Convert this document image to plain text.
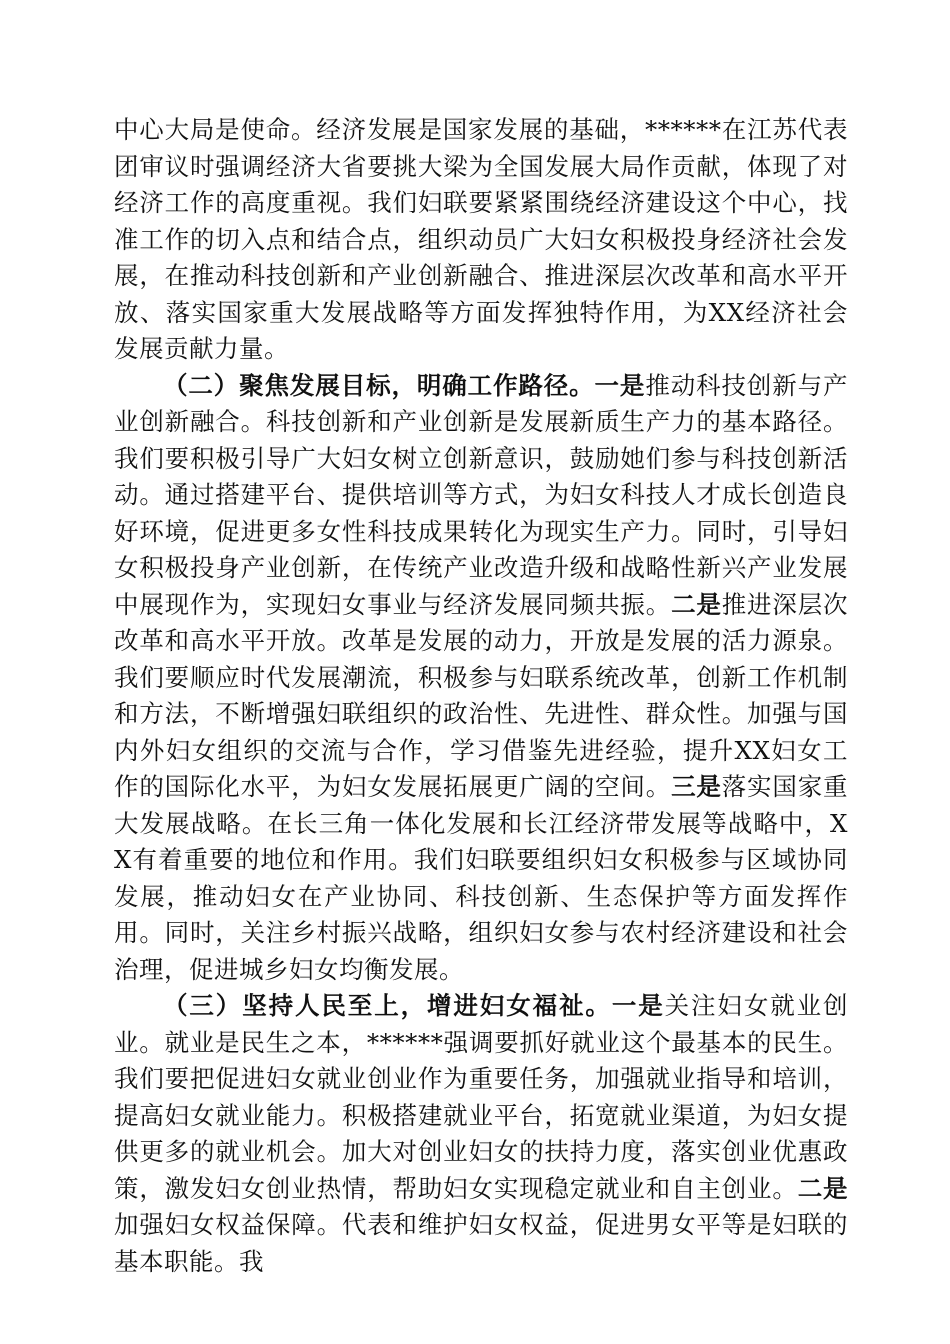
中心大局是使命。经济发展是国家发展的基础，******在江苏代表团审议时强调经济大省要挑大梁为全国发展大局作贡献，体现了对经济工作的高度重视。我们妇联要紧紧围绕经济建设这个中心，找准工作的切入点和结合点，组织动员广大妇女积极投身经济社会发展，在推动科技创新和产业创新融合、推进深层次改革和高水平开放、落实国家重大发展战略等方面发挥独特作用，为XX经济社会发展贡献力量。

（二）聚焦发展目标，明确工作路径。一是推动科技创新与产业创新融合。科技创新和产业创新是发展新质生产力的基本路径。我们要积极引导广大妇女树立创新意识，鼓励她们参与科技创新活动。通过搭建平台、提供培训等方式，为妇女科技人才成长创造良好环境，促进更多女性科技成果转化为现实生产力。同时，引导妇女积极投身产业创新，在传统产业改造升级和战略性新兴产业发展中展现作为，实现妇女事业与经济发展同频共振。二是推进深层次改革和高水平开放。改革是发展的动力，开放是发展的活力源泉。我们要顺应时代发展潮流，积极参与妇联系统改革，创新工作机制和方法，不断增强妇联组织的政治性、先进性、群众性。加强与国内外妇女组织的交流与合作，学习借鉴先进经验，提升XX妇女工作的国际化水平，为妇女发展拓展更广阔的空间。三是落实国家重大发展战略。在长三角一体化发展和长江经济带发展等战略中，XX有着重要的地位和作用。我们妇联要组织妇女积极参与区域协同发展，推动妇女在产业协同、科技创新、生态保护等方面发挥作用。同时，关注乡村振兴战略，组织妇女参与农村经济建设和社会治理，促进城乡妇女均衡发展。

（三）坚持人民至上，增进妇女福祉。一是关注妇女就业创业。就业是民生之本，******强调要抓好就业这个最基本的民生。我们要把促进妇女就业创业作为重要任务，加强就业指导和培训，提高妇女就业能力。积极搭建就业平台，拓宽就业渠道，为妇女提供更多的就业机会。加大对创业妇女的扶持力度，落实创业优惠政策，激发妇女创业热情，帮助妇女实现稳定就业和自主创业。二是加强妇女权益保障。代表和维护妇女权益，促进男女平等是妇联的基本职能。我
